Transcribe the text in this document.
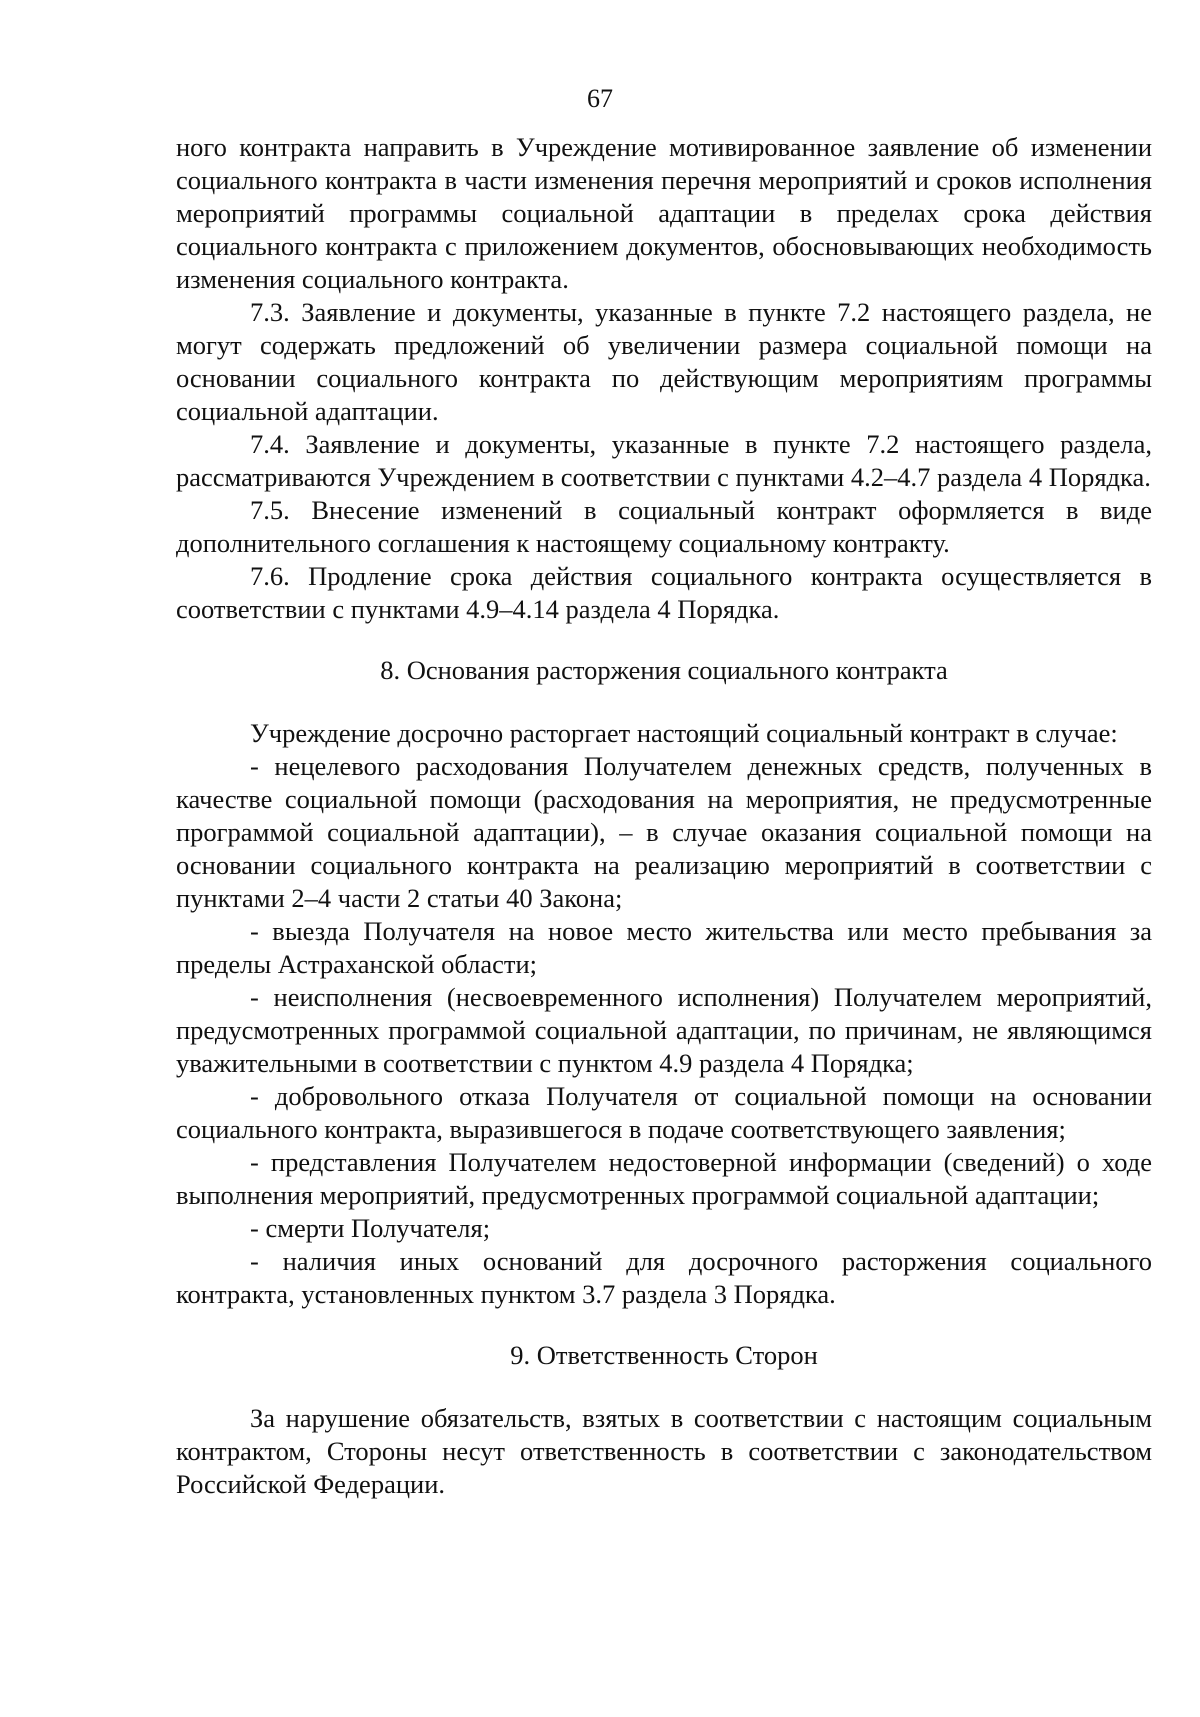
67

ного контракта направить в Учреждение мотивированное заявление об изменении социального контракта в части изменения перечня мероприятий и сроков исполнения мероприятий программы социальной адаптации в пределах срока действия социального контракта с приложением документов, обосновывающих необходимость изменения социального контракта.

7.3. Заявление и документы, указанные в пункте 7.2 настоящего раздела, не могут содержать предложений об увеличении размера социальной помощи на основании социального контракта по действующим мероприятиям программы социальной адаптации.

7.4. Заявление и документы, указанные в пункте 7.2 настоящего раздела, рассматриваются Учреждением в соответствии с пунктами 4.2–4.7 раздела 4 Порядка.

7.5. Внесение изменений в социальный контракт оформляется в виде дополнительного соглашения к настоящему социальному контракту.

7.6. Продление срока действия социального контракта осуществляется в соответствии с пунктами 4.9–4.14 раздела 4 Порядка.

8. Основания расторжения социального контракта

Учреждение досрочно расторгает настоящий социальный контракт в случае:

- нецелевого расходования Получателем денежных средств, полученных в качестве социальной помощи (расходования на мероприятия, не предусмотренные программой социальной адаптации), – в случае оказания социальной помощи на основании социального контракта на реализацию мероприятий в соответствии с пунктами 2–4 части 2 статьи 40 Закона;

- выезда Получателя на новое место жительства или место пребывания за пределы Астраханской области;

- неисполнения (несвоевременного исполнения) Получателем мероприятий, предусмотренных программой социальной адаптации, по причинам, не являющимся уважительными в соответствии с пунктом 4.9 раздела 4 Порядка;

- добровольного отказа Получателя от социальной помощи на основании социального контракта, выразившегося в подаче соответствующего заявления;

- представления Получателем недостоверной информации (сведений) о ходе выполнения мероприятий, предусмотренных программой социальной адаптации;

- смерти Получателя;

- наличия иных оснований для досрочного расторжения социального контракта, установленных пунктом 3.7 раздела 3 Порядка.

9. Ответственность Сторон

За нарушение обязательств, взятых в соответствии с настоящим социальным контрактом, Стороны несут ответственность в соответствии с законодательством Российской Федерации.
